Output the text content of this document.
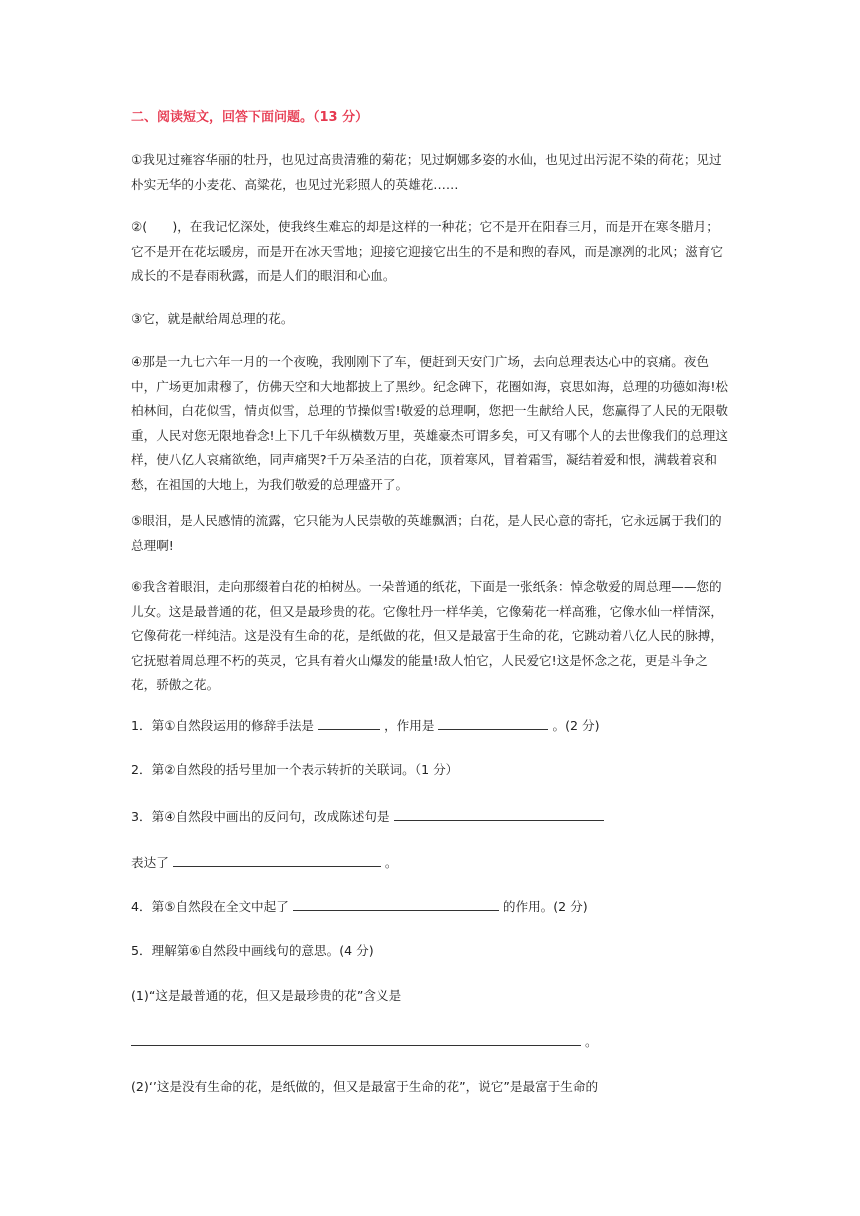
二、阅读短文，回答下面问题。（13 分）

①我见过雍容华丽的牡丹，也见过高贵清雅的菊花；见过婀娜多姿的水仙，也见过出污泥不染的荷花；见过朴实无华的小麦花、高粱花，也见过光彩照人的英雄花……

②(　　)，在我记忆深处，使我终生难忘的却是这样的一种花；它不是开在阳春三月，而是开在寒冬腊月；它不是开在花坛暖房，而是开在冰天雪地；迎接它迎接它出生的不是和煦的春风，而是凛冽的北风；滋育它成长的不是春雨秋露，而是人们的眼泪和心血。

③它，就是献给周总理的花。

④那是一九七六年一月的一个夜晚，我刚刚下了车，便赶到天安门广场，去向总理表达心中的哀痛。夜色中，广场更加肃穆了，仿佛天空和大地都披上了黑纱。纪念碑下，花圈如海，哀思如海，总理的功德如海!松柏林间，白花似雪，情贞似雪，总理的节操似雪!敬爱的总理啊，您把一生献给人民，您赢得了人民的无限敬重，人民对您无限地眷念!上下几千年纵横数万里，英雄豪杰可谓多矣，可又有哪个人的去世像我们的总理这样，使八亿人哀痛欲绝，同声痛哭?千万朵圣洁的白花，顶着寒风，冒着霜雪，凝结着爱和恨，满载着哀和愁，在祖国的大地上，为我们敬爱的总理盛开了。

⑤眼泪，是人民感情的流露，它只能为人民崇敬的英雄飘洒；白花，是人民心意的寄托，它永远属于我们的总理啊!

⑥我含着眼泪，走向那缀着白花的柏树丛。一朵普通的纸花，下面是一张纸条：悼念敬爱的周总理——您的儿女。这是最普通的花，但又是最珍贵的花。它像牡丹一样华美，它像菊花一样高雅，它像水仙一样情深，它像荷花一样纯洁。这是没有生命的花，是纸做的花，但又是最富于生命的花，它跳动着八亿人民的脉搏，它抚慰着周总理不朽的英灵，它具有着火山爆发的能量!敌人怕它，人民爱它!这是怀念之花，更是斗争之花，骄傲之花。

1．第①自然段运用的修辞手法是	，作用是	。(2 分)
2．第②自然段的括号里加一个表示转折的关联词。（1 分）
3．第④自然段中画出的反问句，改成陈述句是
表达了	。
4．第⑤自然段在全文中起了	的作用。(2 分)
5．理解第⑥自然段中画线句的意思。(4 分)
(1)“这是最普通的花，但又是最珍贵的花”含义是
。
(2)‘’这是没有生命的花，是纸做的，但又是最富于生命的花”，说它”是最富于生命的
